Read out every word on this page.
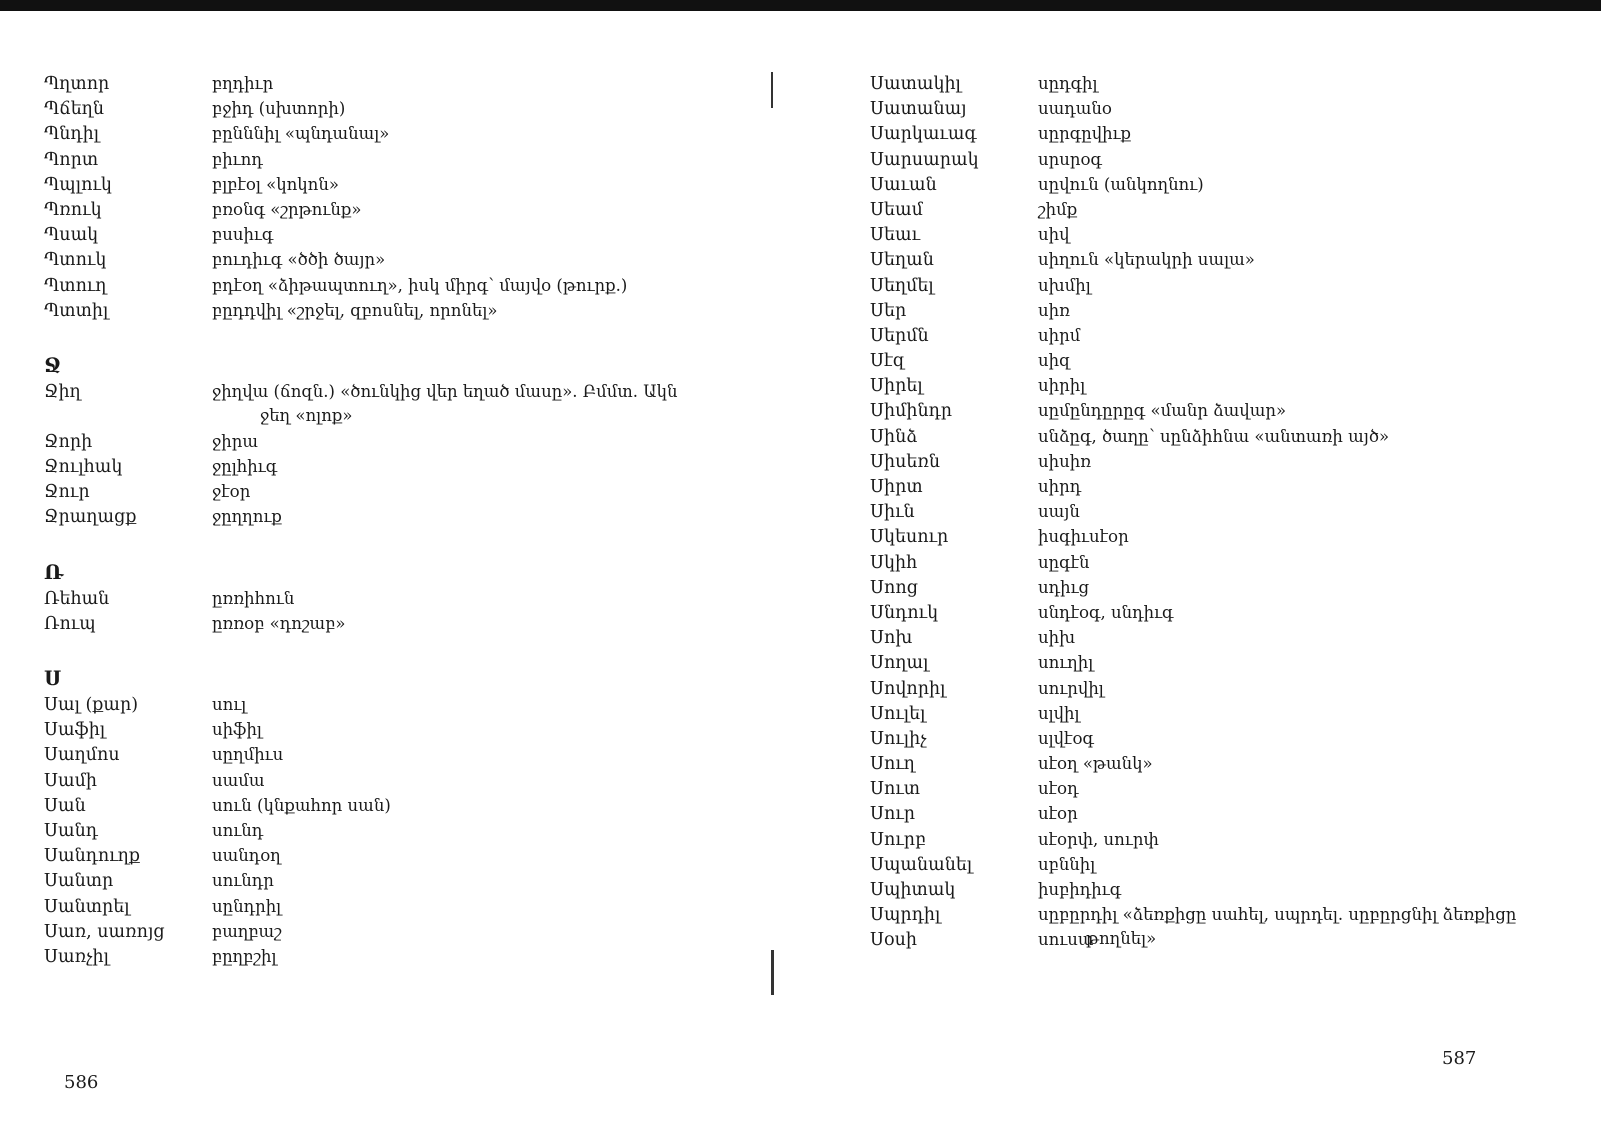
Պղտոր	բղդիւր
Պճեղն	բջիդ (սխտորի)
Պնդիլ	բընննիլ «պնդանալ»
Պորտ	բիւոդ
Պպլուկ	բլբէօլ «կոկոն»
Պռուկ	բռօնգ «շրթունք»
Պսակ	բսսիւգ
Պտուկ	բուդիւգ «ծծի ծայր»
Պտուղ	բդէօղ «ձիթապտուղ», իսկ միրգ՝ մայվօ (թուրք.)
Պտտիլ	բըդդվիլ «շրջել, զբոսնել, որոնել»
Ջ
Ջիղ	ջիղվա (ճոզն.) «ծունկից վեր եղած մասը». Բմմտ. Ակն
ջեղ «ոլոք»
Ջորի	ջիրա
Ջուլհակ	ջըլհիւգ
Ջուր	ջէօր
Ջրաղացք	ջըղղուք
Ռ
Ռեհան	ըռռիհուն
Ռուպ	ըռռօբ «դոշաբ»
Ս
Սալ (քար)	սուլ
Սաֆիլ	սիֆիլ
Սաղմոս	սըղմիւս
Սամի	սամա
Սան	սուն (կնքահոր սան)
Սանդ	սունդ
Սանդուղք	սանդօղ
Սանտր	սունդր
Սանտրել	սընդրիլ
Սառ, սառոյց	բաղբաշ
Սառչիլ	բըղբշիլ
586
Սատակիլ	սըդգիլ
Սատանայ	սադանօ
Սարկաւագ	սըրգըվիւք
Սարսարակ	սրսրօգ
Սաւան	սըվուն (անկողնու)
Սեամ	շիմք
Սեաւ	սիվ
Սեղան	սիղուն «կերակրի սալա»
Սեղմել	սխմիլ
Սեր	սիռ
Սերմն	սիրմ
Սէզ	սիզ
Սիրել	սիրիլ
Սիմինդր	սըմընդըրըգ «մանր ձավար»
Սինձ	սնձըգ, ծաղը՝ սընձիհնա «անտառի այծ»
Սիսեռն	սիսիռ
Սիրտ	սիրդ
Սիւն	սայն
Սկեսուր	իսգիւսէօր
Սկիհ	սըգէն
Սոոց	սդիւց
Սնդուկ	սնդէօգ, սնդիւգ
Սոխ	սիխ
Սողալ	սուղիլ
Սովորիլ	սուրվիլ
Սուլել	սլվիլ
Սուլիչ	սլվէօգ
Սուղ	սէօղ «թանկ»
Սուտ	սէօդ
Սուր	սէօր
Սուրբ	սէօրփ, սուրփ
Սպանանել	սբննիլ
Սպիտակ	իսբիդիւգ
Սպրդիլ	սըբըրդիլ «ձեռքիցը սահել, սպրդել. սըբըրցնիլ ձեռքիցը
թողնել»
Սօսի	սուսա
587
